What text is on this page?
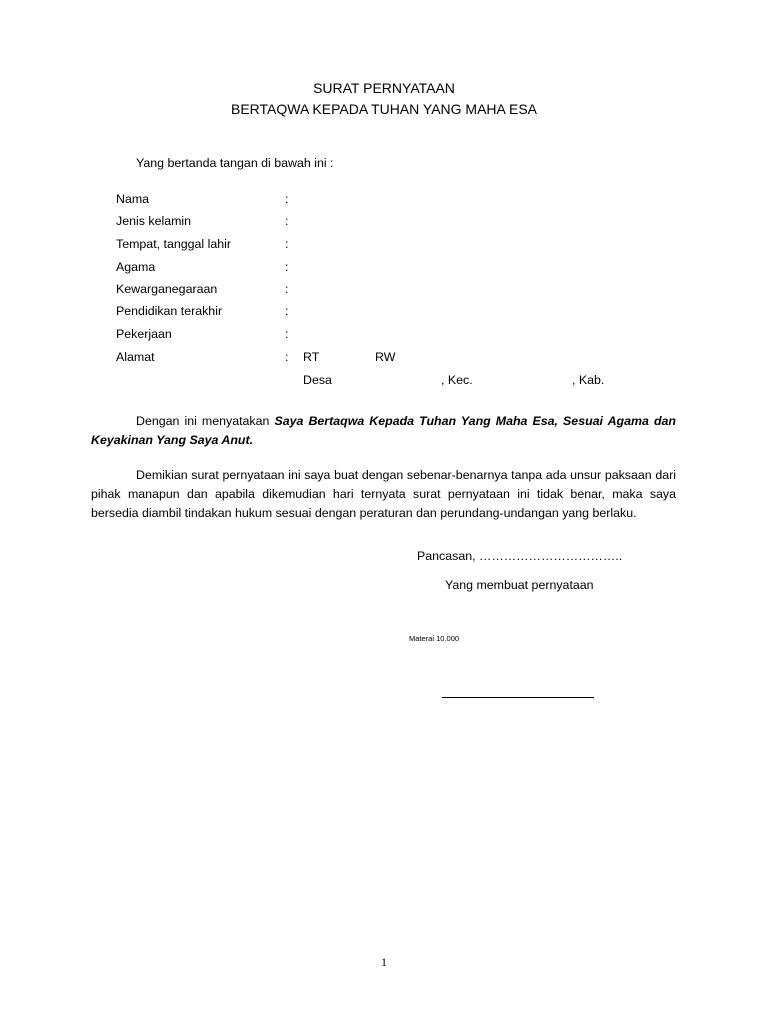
SURAT PERNYATAAN
BERTAQWA KEPADA TUHAN YANG MAHA ESA
Yang bertanda tangan di bawah ini :
Nama	:
Jenis kelamin	:
Tempat, tanggal lahir	:
Agama	:
Kewarganegaraan	:
Pendidikan terakhir	:
Pekerjaan	:
Alamat	: RT	RW
Desa	, Kec.	, Kab.
Dengan ini menyatakan Saya Bertaqwa Kepada Tuhan Yang Maha Esa, Sesuai Agama dan Keyakinan Yang Saya Anut.
Demikian surat pernyataan ini saya buat dengan sebenar-benarnya tanpa ada unsur paksaan dari pihak manapun dan apabila dikemudian hari ternyata surat pernyataan ini tidak benar, maka saya bersedia diambil tindakan hukum sesuai dengan peraturan dan perundang-undangan yang berlaku.
Pancasan, ……………………………..
Yang membuat pernyataan
Materai 10.000
1
